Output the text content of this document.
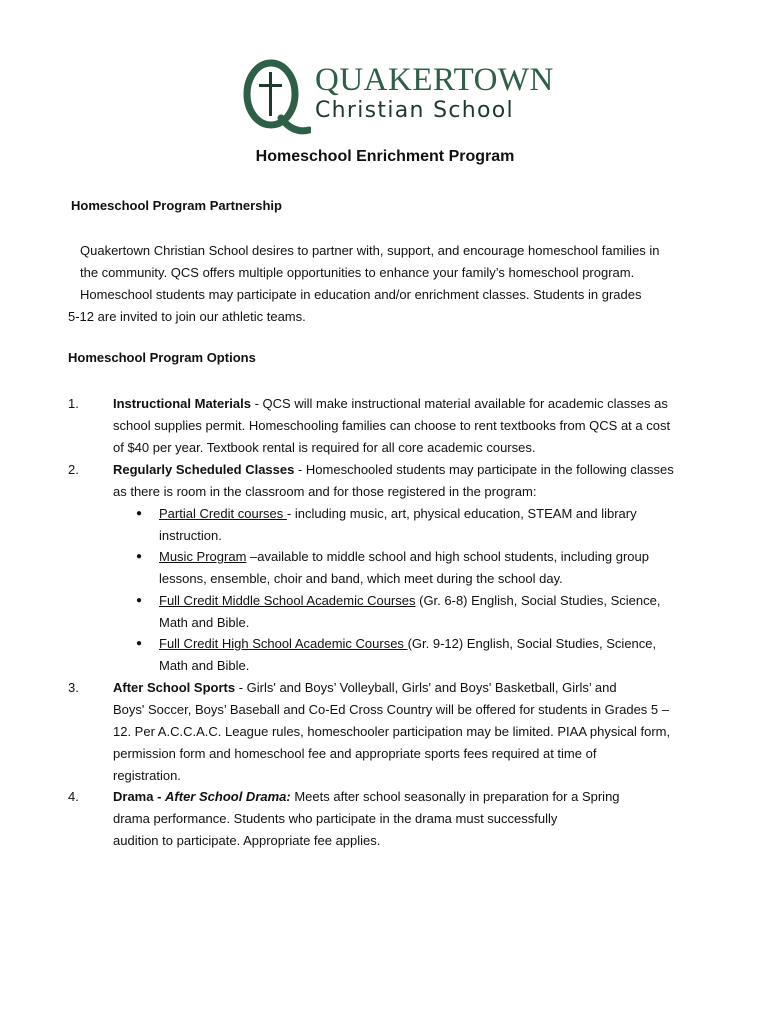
QUAKERTOWN
Christian School
Homeschool Enrichment Program
Homeschool Program Partnership
Quakertown Christian School desires to partner with, support, and encourage homeschool families in
the community. QCS offers multiple opportunities to enhance your family’s homeschool program.
Homeschool students may participate in education and/or enrichment classes. Students in grades
5-12 are invited to join our athletic teams.
Homeschool Program Options
1.	Instructional Materials - QCS will make instructional material available for academic classes as
school supplies permit. Homeschooling families can choose to rent textbooks from QCS at a cost
of $40 per year. Textbook rental is required for all core academic courses.
2.	Regularly Scheduled Classes - Homeschooled students may participate in the following classes
as there is room in the classroom and for those registered in the program:
● Partial Credit courses - including music, art, physical education, STEAM and library
instruction.
● Music Program –available to middle school and high school students, including group
lessons, ensemble, choir and band, which meet during the school day.
● Full Credit Middle School Academic Courses (Gr. 6-8) English, Social Studies, Science,
Math and Bible.
● Full Credit High School Academic Courses (Gr. 9-12) English, Social Studies, Science,
Math and Bible.
3.	After School Sports - Girls' and Boys’ Volleyball, Girls' and Boys' Basketball, Girls’ and
Boys' Soccer, Boys’ Baseball and Co-Ed Cross Country will be offered for students in Grades 5 –
12. Per A.C.C.A.C. League rules, homeschooler participation may be limited. PIAA physical form,
permission form and homeschool fee and appropriate sports fees required at time of
registration.
4.	Drama - After School Drama: Meets after school seasonally in preparation for a Spring
drama performance. Students who participate in the drama must successfully
audition to participate. Appropriate fee applies.
